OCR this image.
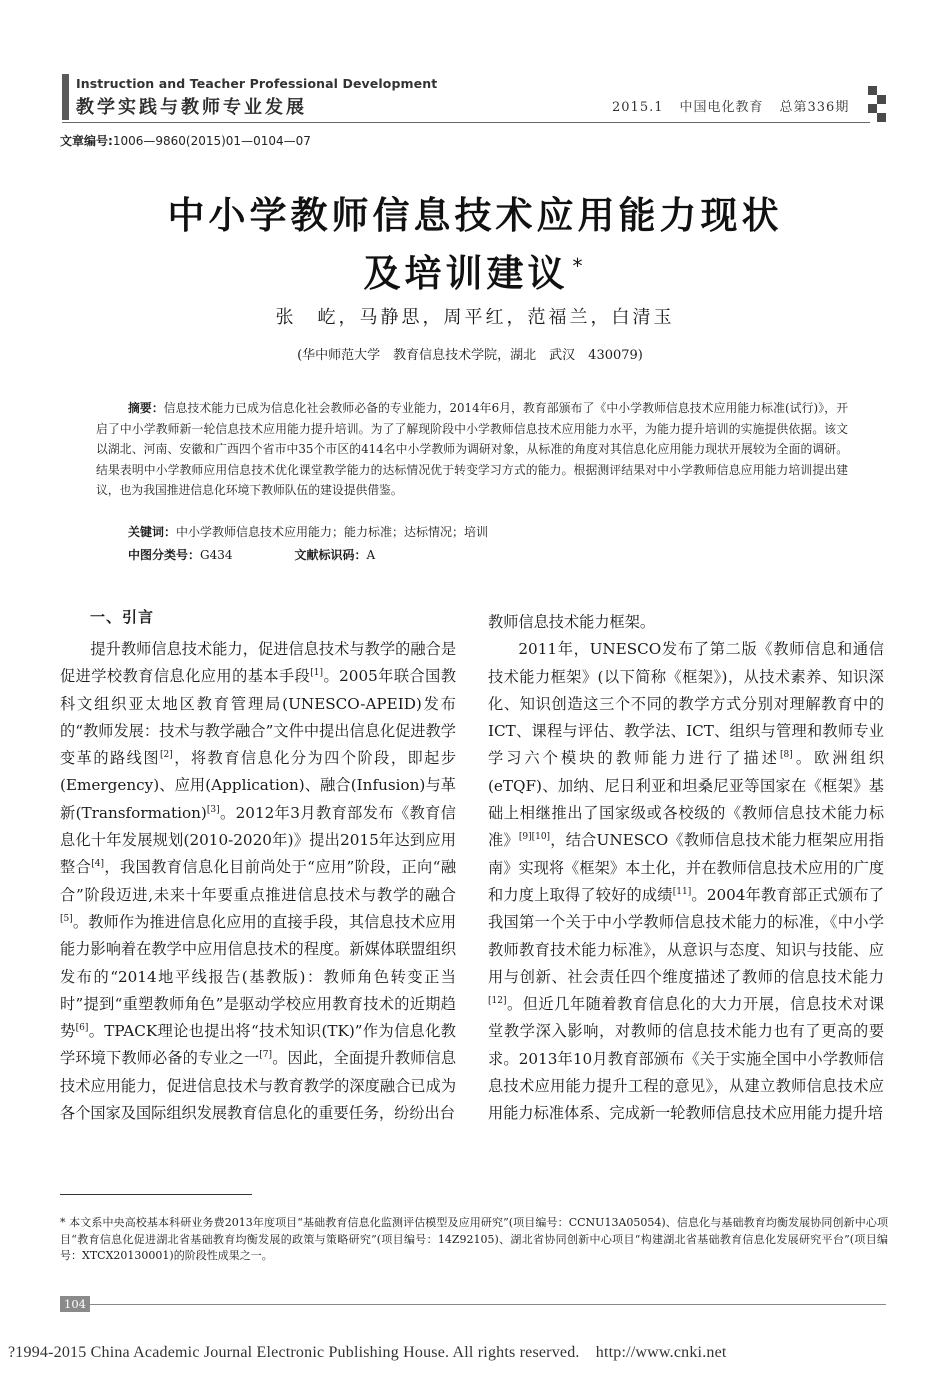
Instruction and Teacher Professional Development
教学实践与教师专业发展	2015.1 中国电化教育 总第336期
文章编号:1006—9860(2015)01—0104—07
中小学教师信息技术应用能力现状
及培训建议 *
张　屹，马静思，周平红，范福兰，白清玉
(华中师范大学　教育信息技术学院，湖北　武汉　430079)
摘要：信息技术能力已成为信息化社会教师必备的专业能力，2014年6月，教育部颁布了《中小学教师信息技术应用能力标准(试行)》，开启了中小学教师新一轮信息技术应用能力提升培训。为了了解现阶段中小学教师信息技术应用能力水平，为能力提升培训的实施提供依据。该文以湖北、河南、安徽和广西四个省市中35个市区的414名中小学教师为调研对象，从标准的角度对其信息化应用能力现状开展较为全面的调研。结果表明中小学教师应用信息技术优化课堂教学能力的达标情况优于转变学习方式的能力。根据测评结果对中小学教师信息应用能力培训提出建议，也为我国推进信息化环境下教师队伍的建设提供借鉴。
关键词：中小学教师信息技术应用能力；能力标准；达标情况；培训
中图分类号：G434	文献标识码：A
一、引言

提升教师信息技术能力，促进信息技术与教学的融合是促进学校教育信息化应用的基本手段[1]。2005年联合国教科文组织亚太地区教育管理局(UNESCO-APEID)发布的“教师发展：技术与教学融合”文件中提出信息化促进教学变革的路线图[2]，将教育信息化分为四个阶段，即起步(Emergency)、应用(Application)、融合(Infusion)与革新(Transformation)[3]。2012年3月教育部发布《教育信息化十年发展规划(2010-2020年)》提出2015年达到应用整合[4]，我国教育信息化目前尚处于“应用”阶段，正向“融合”阶段迈进,未来十年要重点推进信息技术与教学的融合[5]。教师作为推进信息化应用的直接手段，其信息技术应用能力影响着在教学中应用信息技术的程度。新媒体联盟组织发布的“2014地平线报告(基教版)：教师角色转变正当时”提到“重塑教师角色”是驱动学校应用教育技术的近期趋势[6]。TPACK理论也提出将“技术知识(TK)”作为信息化教学环境下教师必备的专业之一[7]。因此，全面提升教师信息技术应用能力，促进信息技术与教育教学的深度融合已成为各个国家及国际组织发展教育信息化的重要任务，纷纷出台

教师信息技术能力框架。

2011年，UNESCO发布了第二版《教师信息和通信技术能力框架》(以下简称《框架》)，从技术素养、知识深化、知识创造这三个不同的教学方式分别对理解教育中的ICT、课程与评估、教学法、ICT、组织与管理和教师专业学习六个模块的教师能力进行了描述[8]。欧洲组织(eTQF)、加纳、尼日利亚和坦桑尼亚等国家在《框架》基础上相继推出了国家级或各校级的《教师信息技术能力标准》[9][10]，结合UNESCO《教师信息技术能力框架应用指南》实现将《框架》本土化，并在教师信息技术应用的广度和力度上取得了较好的成绩[11]。2004年教育部正式颁布了我国第一个关于中小学教师信息技术能力的标准，《中小学教师教育技术能力标准》，从意识与态度、知识与技能、应用与创新、社会责任四个维度描述了教师的信息技术能力[12]。但近几年随着教育信息化的大力开展，信息技术对课堂教学深入影响，对教师的信息技术能力也有了更高的要求。2013年10月教育部颁布《关于实施全国中小学教师信息技术应用能力提升工程的意见》，从建立教师信息技术应用能力标准体系、完成新一轮教师信息技术应用能力提升培

* 本文系中央高校基本科研业务费2013年度项目“基础教育信息化监测评估模型及应用研究”(项目编号：CCNU13A05054)、信息化与基础教育均衡发展协同创新中心项目“教育信息化促进湖北省基础教育均衡发展的政策与策略研究”(项目编号：14Z92105)、湖北省协同创新中心项目“构建湖北省基础教育信息化发展研究平台”(项目编号：XTCX20130001)的阶段性成果之一。
104
?1994-2015 China Academic Journal Electronic Publishing House. All rights reserved.　http://www.cnki.net
